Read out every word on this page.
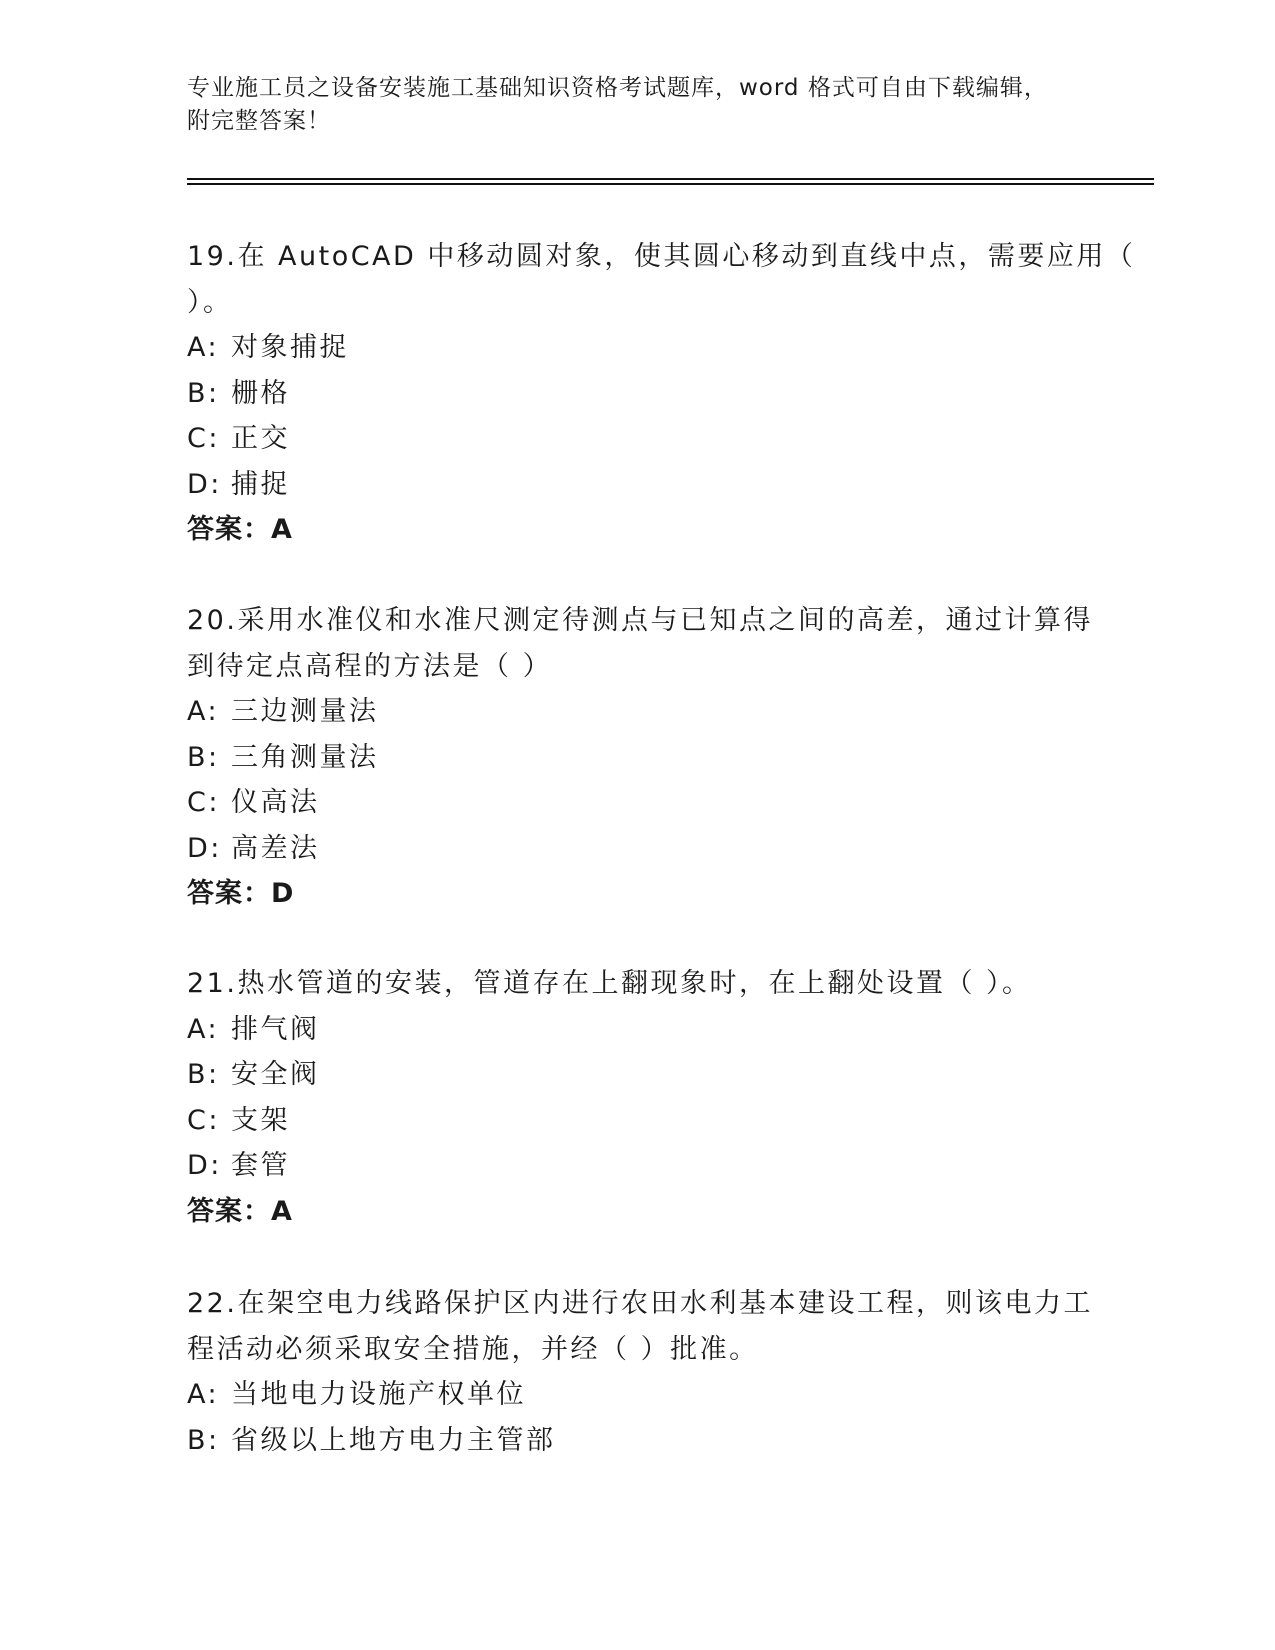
专业施工员之设备安装施工基础知识资格考试题库，word 格式可自由下载编辑，
附完整答案！
19.在 AutoCAD 中移动圆对象，使其圆心移动到直线中点，需要应用（
）。
A: 对象捕捉
B: 栅格
C: 正交
D: 捕捉
答案：A
20.采用水准仪和水准尺测定待测点与已知点之间的高差，通过计算得
到待定点高程的方法是（ ）
A: 三边测量法
B: 三角测量法
C: 仪高法
D: 高差法
答案：D
21.热水管道的安装，管道存在上翻现象时，在上翻处设置（ ）。
A: 排气阀
B: 安全阀
C: 支架
D: 套管
答案：A
22.在架空电力线路保护区内进行农田水利基本建设工程，则该电力工
程活动必须采取安全措施，并经（ ）批准。
A: 当地电力设施产权单位
B: 省级以上地方电力主管部
